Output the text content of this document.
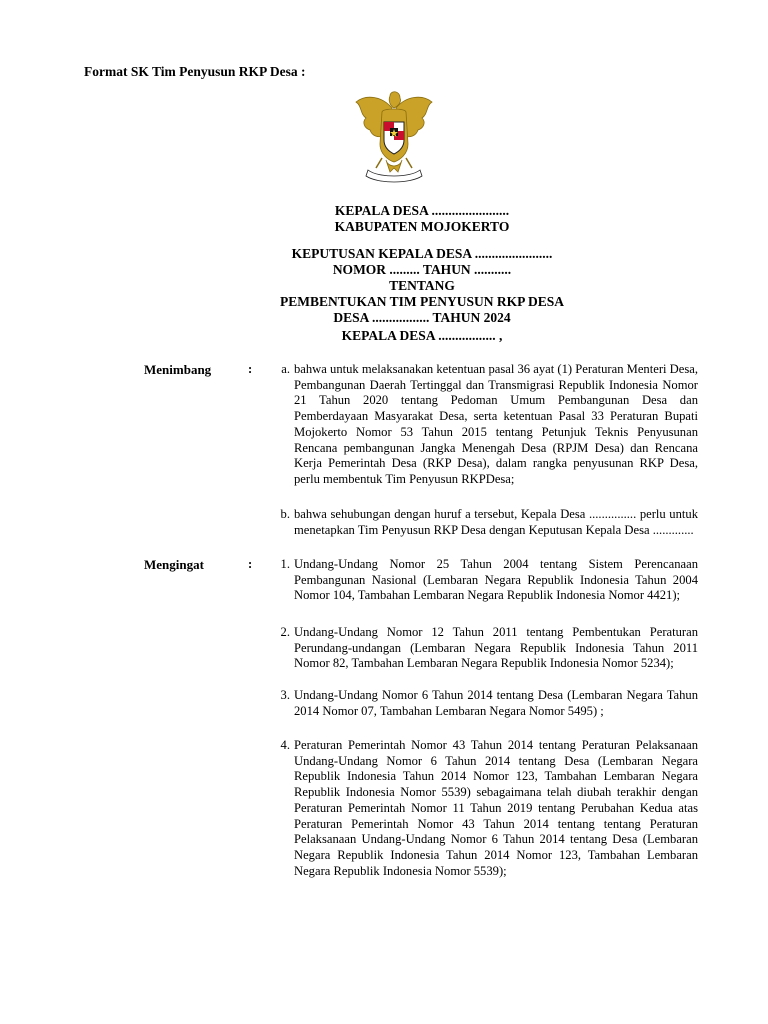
Format SK Tim Penyusun RKP Desa :
KEPALA DESA .......................
KABUPATEN MOJOKERTO
KEPUTUSAN KEPALA DESA .......................
NOMOR ......... TAHUN ...........
TENTANG
PEMBENTUKAN TIM PENYUSUN RKP DESA
DESA ................. TAHUN 2024
KEPALA DESA ................. ,
Menimbang	:	a. bahwa untuk melaksanakan ketentuan pasal 36 ayat (1) Peraturan Menteri Desa, Pembangunan Daerah Tertinggal dan Transmigrasi Republik Indonesia Nomor 21 Tahun 2020 tentang Pedoman Umum Pembangunan Desa dan Pemberdayaan Masyarakat Desa, serta ketentuan Pasal 33 Peraturan Bupati Mojokerto Nomor 53 Tahun 2015 tentang Petunjuk Teknis Penyusunan Rencana pembangunan Jangka Menengah Desa (RPJM Desa) dan Rencana Kerja Pemerintah Desa (RKP Desa), dalam rangka penyusunan RKP Desa, perlu membentuk Tim Penyusun RKPDesa;
b. bahwa sehubungan dengan huruf a tersebut, Kepala Desa ............... perlu untuk menetapkan Tim Penyusun RKP Desa dengan Keputusan Kepala Desa .............
Mengingat	:	1. Undang-Undang Nomor 25 Tahun 2004 tentang Sistem Perencanaan Pembangunan Nasional (Lembaran Negara Republik Indonesia Tahun 2004 Nomor 104, Tambahan Lembaran Negara Republik Indonesia Nomor 4421);
2. Undang-Undang Nomor 12 Tahun 2011 tentang Pembentukan Peraturan Perundang-undangan (Lembaran Negara Republik Indonesia Tahun 2011 Nomor 82, Tambahan Lembaran Negara Republik Indonesia Nomor 5234);
3. Undang-Undang Nomor 6 Tahun 2014 tentang Desa (Lembaran Negara Tahun 2014 Nomor 07, Tambahan Lembaran Negara Nomor 5495) ;
4. Peraturan Pemerintah Nomor 43 Tahun 2014 tentang Peraturan Pelaksanaan Undang-Undang Nomor 6 Tahun 2014 tentang Desa (Lembaran Negara Republik Indonesia Tahun 2014 Nomor 123, Tambahan Lembaran Negara Republik Indonesia Nomor 5539) sebagaimana telah diubah terakhir dengan Peraturan Pemerintah Nomor 11 Tahun 2019 tentang Perubahan Kedua atas Peraturan Pemerintah Nomor 43 Tahun 2014 tentang tentang Peraturan Pelaksanaan Undang-Undang Nomor 6 Tahun 2014 tentang Desa (Lembaran Negara Republik Indonesia Tahun 2014 Nomor 123, Tambahan Lembaran Negara Republik Indonesia Nomor 5539);
